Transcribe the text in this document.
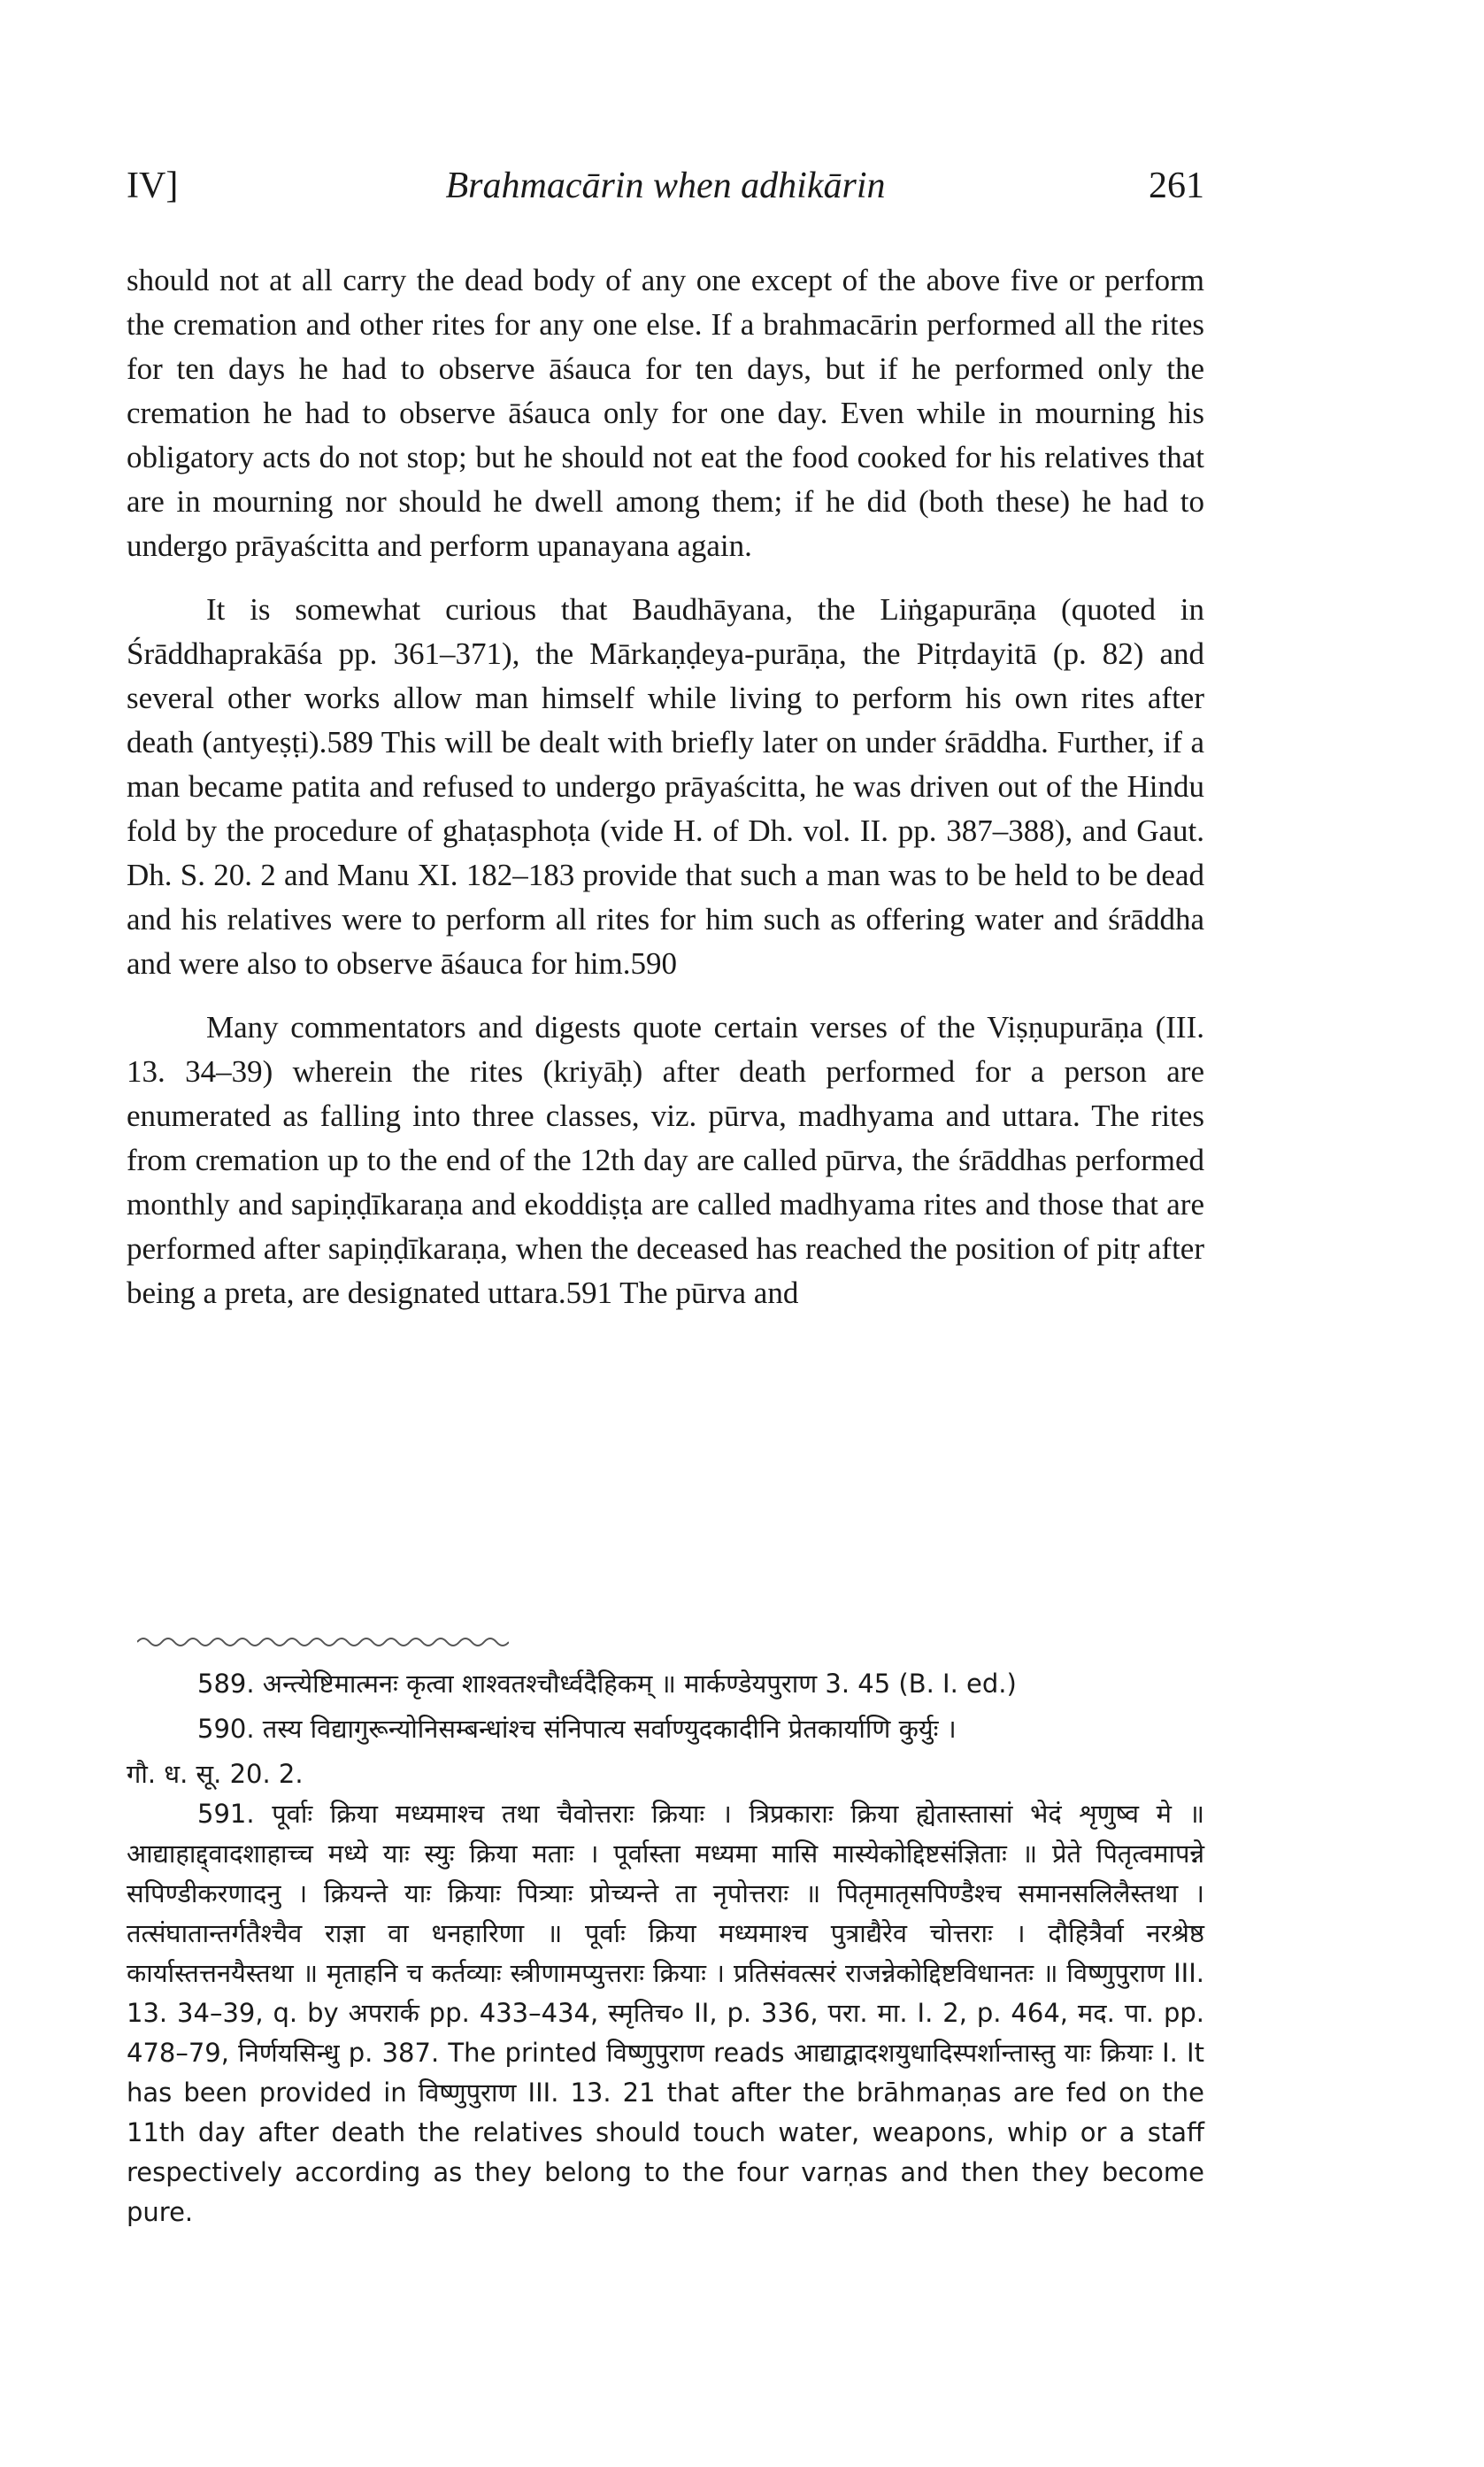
IV]	Brahmacārin when adhikārin	261

should not at all carry the dead body of any one except of the above five or perform the cremation and other rites for any one else. If a brahmacārin performed all the rites for ten days he had to observe āśauca for ten days, but if he performed only the cremation he had to observe āśauca only for one day. Even while in mourning his obligatory acts do not stop; but he should not eat the food cooked for his relatives that are in mourning nor should he dwell among them; if he did (both these) he had to undergo prāyaścitta and perform upanayana again.

It is somewhat curious that Baudhāyana, the Liṅgapurāṇa (quoted in Śrāddhaprakāśa pp. 361–371), the Mārkaṇḍeya-purāṇa, the Pitṛdayitā (p. 82) and several other works allow man himself while living to perform his own rites after death (antyeṣṭi).589 This will be dealt with briefly later on under śrāddha. Further, if a man became patita and refused to undergo prāyaścitta, he was driven out of the Hindu fold by the procedure of ghaṭasphoṭa (vide H. of Dh. vol. II. pp. 387–388), and Gaut. Dh. S. 20. 2 and Manu XI. 182–183 provide that such a man was to be held to be dead and his relatives were to perform all rites for him such as offering water and śrāddha and were also to observe āśauca for him.590

Many commentators and digests quote certain verses of the Viṣṇupurāṇa (III. 13. 34–39) wherein the rites (kriyāḥ) after death performed for a person are enumerated as falling into three classes, viz. pūrva, madhyama and uttara. The rites from cremation up to the end of the 12th day are called pūrva, the śrāddhas performed monthly and sapiṇḍīkaraṇa and ekoddiṣṭa are called madhyama rites and those that are performed after sapiṇḍīkaraṇa, when the deceased has reached the position of pitṛ after being a preta, are designated uttara.591 The pūrva and

589. अन्त्येष्टिमात्मनः कृत्वा शाश्वतश्चौर्ध्वदैहिकम् ॥ मार्कण्डेयपुराण 3. 45 (B. I. ed.)

590. तस्य विद्यागुरून्योनिसम्बन्धांश्च संनिपात्य सर्वाण्युदकादीनि प्रेतकार्याणि कुर्युः ।

गौ. ध. सू. 20. 2.

591. पूर्वाः क्रिया मध्यमाश्च तथा चैवोत्तराः क्रियाः । त्रिप्रकाराः क्रिया ह्येतास्तासां भेदं शृणुष्व मे ॥ आद्याहाद्द्वादशाहाच्च मध्ये याः स्युः क्रिया मताः । पूर्वास्ता मध्यमा मासि मास्येकोद्दिष्टसंज्ञिताः ॥ प्रेते पितृत्वमापन्ने सपिण्डीकरणादनु । क्रियन्ते याः क्रियाः पित्र्याः प्रोच्यन्ते ता नृपोत्तराः ॥ पितृमातृसपिण्डैश्च समानसलिलैस्तथा । तत्संघातान्तर्गतैश्चैव राज्ञा वा धनहारिणा ॥ पूर्वाः क्रिया मध्यमाश्च पुत्राद्यैरेव चोत्तराः । दौहित्रैर्वा नरश्रेष्ठ कार्यास्तत्तनयैस्तथा ॥ मृताहनि च कर्तव्याः स्त्रीणामप्युत्तराः क्रियाः । प्रतिसंवत्सरं राजन्नेकोद्दिष्टविधानतः ॥ विष्णुपुराण III. 13. 34–39, q. by अपरार्क pp. 433–434, स्मृतिच० II, p. 336, परा. मा. I. 2, p. 464, मद. पा. pp. 478–79, निर्णयसिन्धु p. 387. The printed विष्णुपुराण reads आद्याद्वादशयुधादिस्पर्शान्तास्तु याः क्रियाः I. It has been provided in विष्णुपुराण III. 13. 21 that after the brāhmaṇas are fed on the 11th day after death the relatives should touch water, weapons, whip or a staff respectively according as they belong to the four varṇas and then they become pure.
